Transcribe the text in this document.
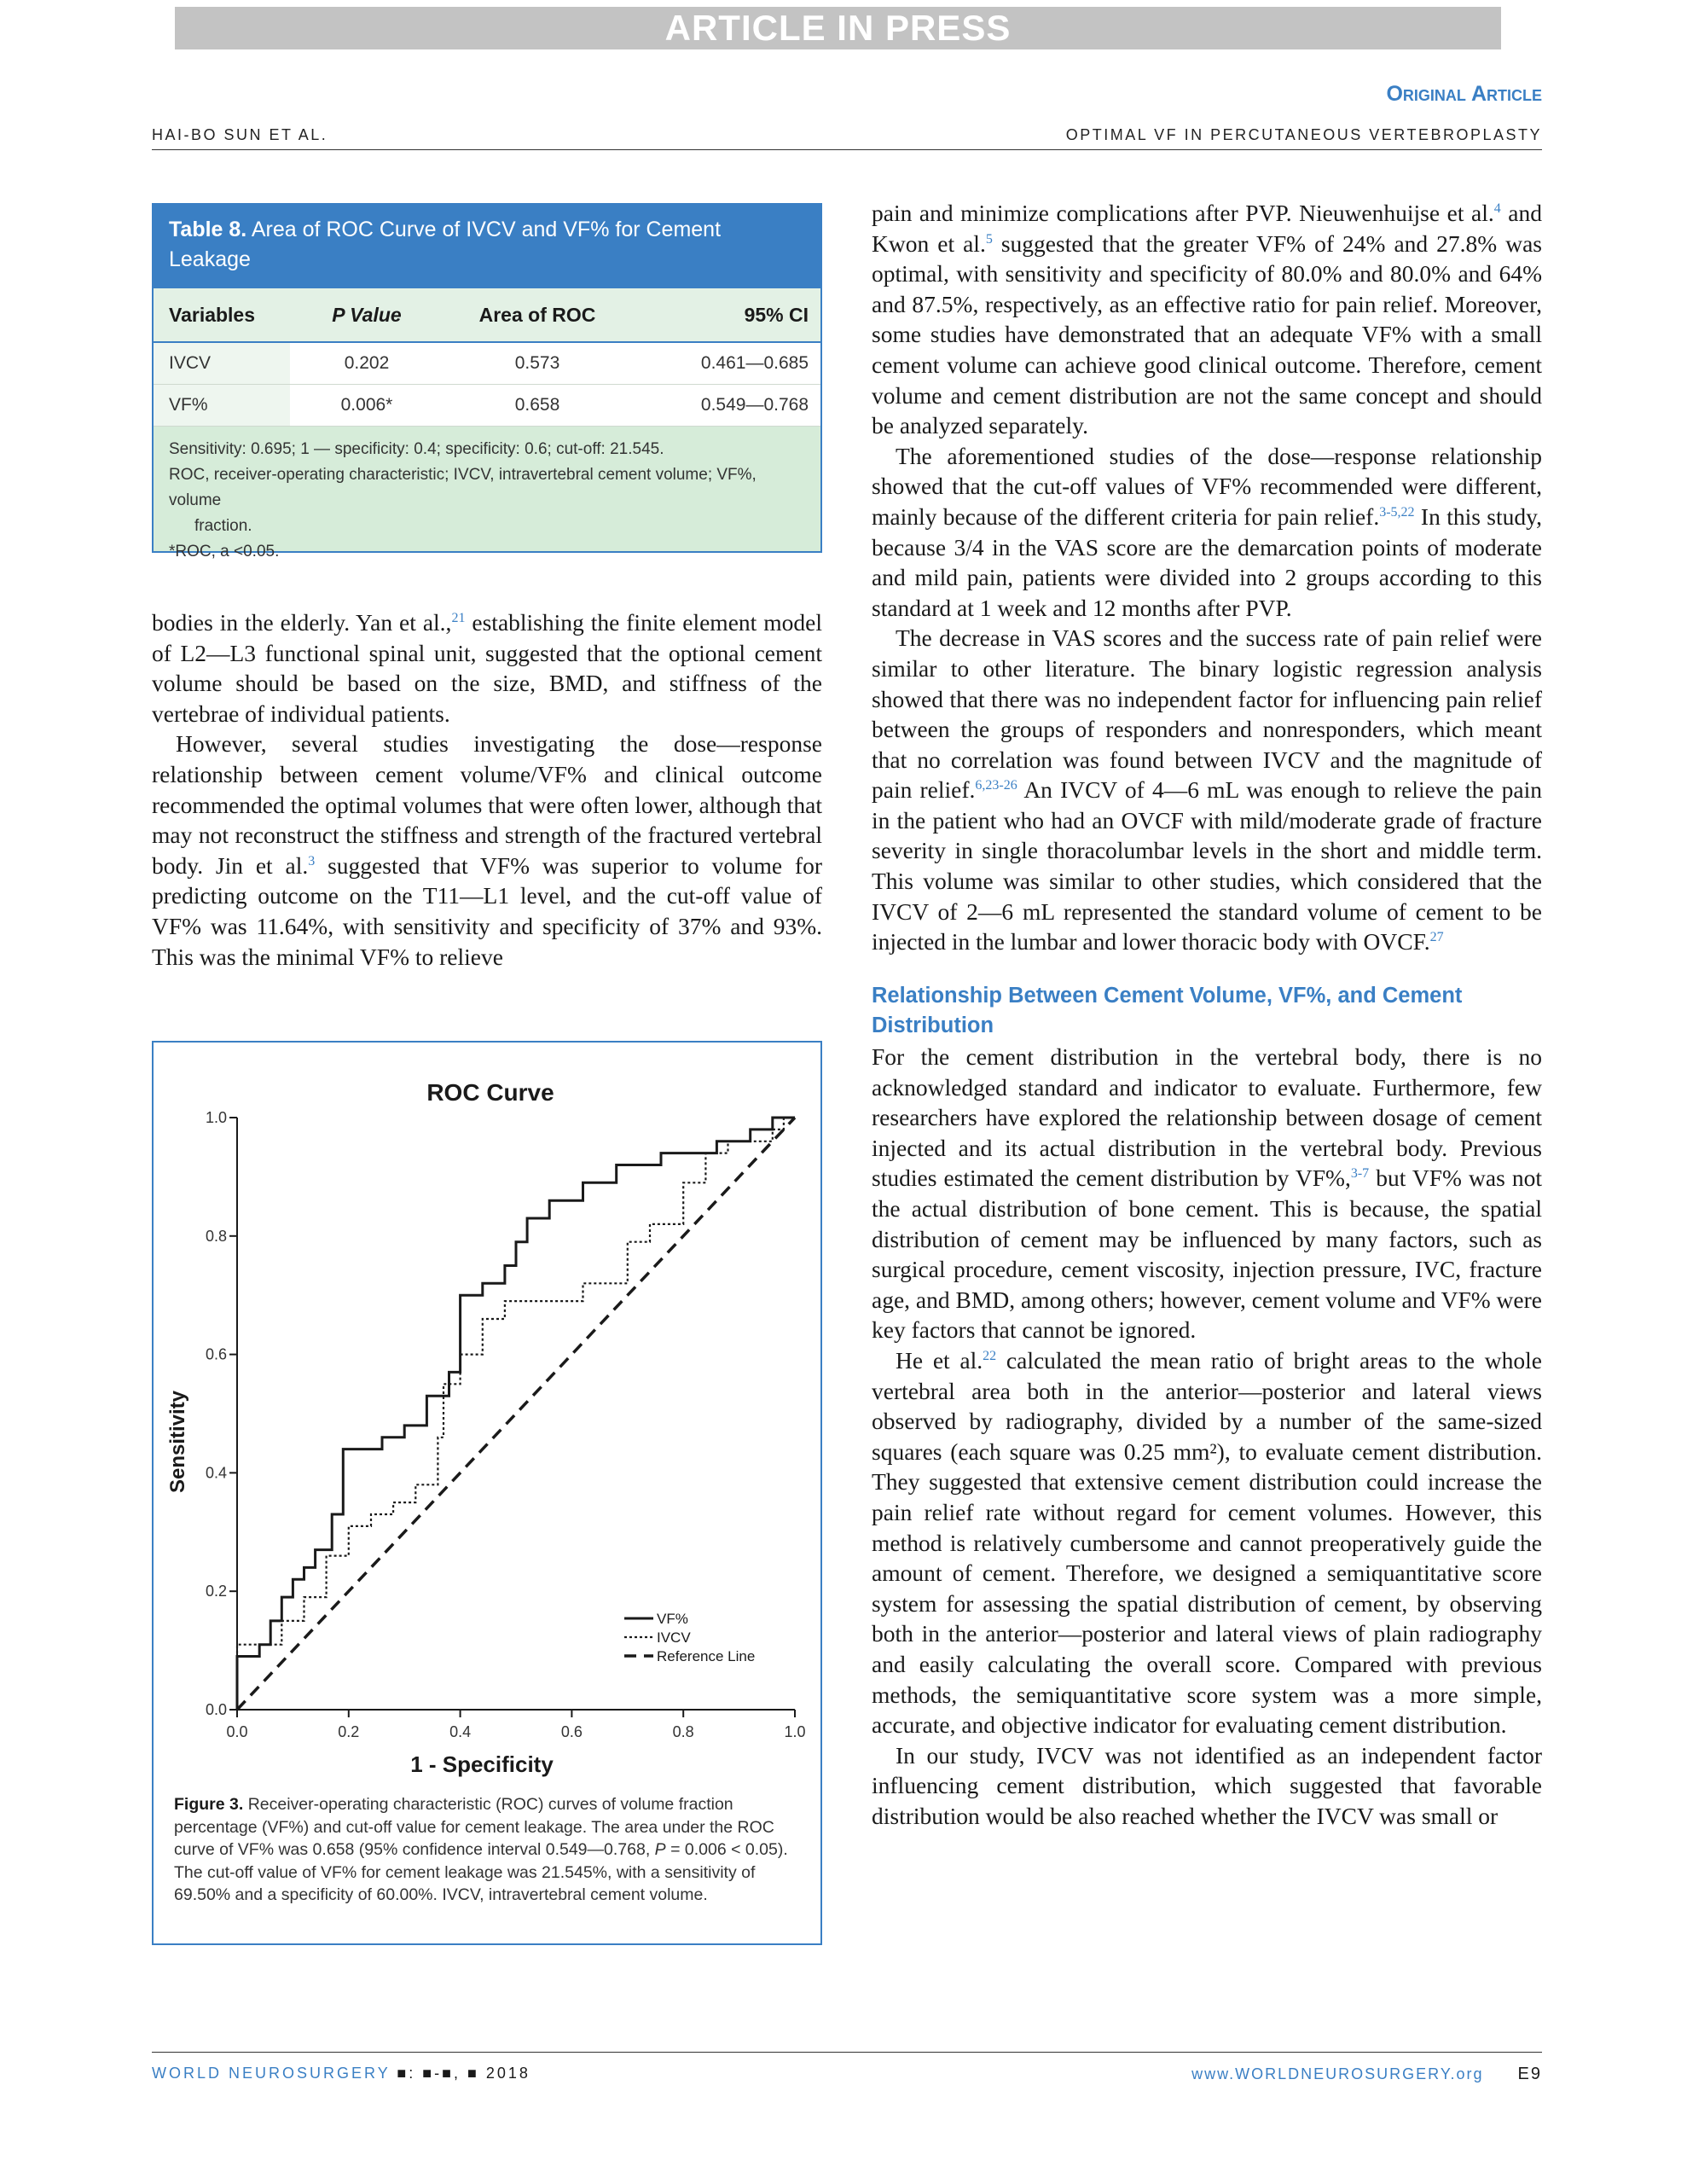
ARTICLE IN PRESS
Original Article
HAI-BO SUN ET AL.	OPTIMAL VF IN PERCUTANEOUS VERTEBROPLASTY
Table 8. Area of ROC Curve of IVCV and VF% for Cement Leakage
Variables	P Value	Area of ROC	95% CI
IVCV	0.202	0.573	0.461—0.685
VF%	0.006*	0.658	0.549—0.768
Sensitivity: 0.695; 1 — specificity: 0.4; specificity: 0.6; cut-off: 21.545.
ROC, receiver-operating characteristic; IVCV, intravertebral cement volume; VF%, volume
fraction.
*ROC, a <0.05.

bodies in the elderly. Yan et al.,$^{21}$ establishing the finite element model of L2—L3 functional spinal unit, suggested that the optional cement volume should be based on the size, BMD, and stiffness of the vertebrae of individual patients.

However, several studies investigating the dose—response relationship between cement volume/VF% and clinical outcome recommended the optimal volumes that were often lower, although that may not reconstruct the stiffness and strength of the fractured vertebral body. Jin et al.$^3$ suggested that VF% was superior to volume for predicting outcome on the T11—L1 level, and the cut-off value of VF% was 11.64%, with sensitivity and specificity of 37% and 93%. This was the minimal VF% to relieve

pain and minimize complications after PVP. Nieuwenhuijse et al.$^4$ and Kwon et al.$^5$ suggested that the greater VF% of 24% and 27.8% was optimal, with sensitivity and specificity of 80.0% and 80.0% and 64% and 87.5%, respectively, as an effective ratio for pain relief. Moreover, some studies have demonstrated that an adequate VF% with a small cement volume can achieve good clinical outcome. Therefore, cement volume and cement distribution are not the same concept and should be analyzed separately.

The aforementioned studies of the dose—response relationship showed that the cut-off values of VF% recommended were different, mainly because of the different criteria for pain relief.$^{3-5,22}$ In this study, because 3/4 in the VAS score are the demarcation points of moderate and mild pain, patients were divided into 2 groups according to this standard at 1 week and 12 months after PVP.

The decrease in VAS scores and the success rate of pain relief were similar to other literature. The binary logistic regression analysis showed that there was no independent factor for influencing pain relief between the groups of responders and nonresponders, which meant that no correlation was found between IVCV and the magnitude of pain relief.$^{6,23-26}$ An IVCV of 4—6 mL was enough to relieve the pain in the patient who had an OVCF with mild/moderate grade of fracture severity in single thoracolumbar levels in the short and middle term. This volume was similar to other studies, which considered that the IVCV of 2—6 mL represented the standard volume of cement to be injected in the lumbar and lower thoracic body with OVCF.$^{27}$

Relationship Between Cement Volume, VF%, and Cement Distribution

For the cement distribution in the vertebral body, there is no acknowledged standard and indicator to evaluate. Furthermore, few researchers have explored the relationship between dosage of cement injected and its actual distribution in the vertebral body. Previous studies estimated the cement distribution by VF%,$^{3-7}$ but VF% was not the actual distribution of bone cement. This is because, the spatial distribution of cement may be influenced by many factors, such as surgical procedure, cement viscosity, injection pressure, IVC, fracture age, and BMD, among others; however, cement volume and VF% were key factors that cannot be ignored.

He et al.$^{22}$ calculated the mean ratio of bright areas to the whole vertebral area both in the anterior—posterior and lateral views observed by radiography, divided by a number of the same-sized squares (each square was 0.25 mm²), to evaluate cement distribution. They suggested that extensive cement distribution could increase the pain relief rate without regard for cement volumes. However, this method is relatively cumbersome and cannot preoperatively guide the amount of cement. Therefore, we designed a semiquantitative score system for assessing the spatial distribution of cement, by observing both in the anterior—posterior and lateral views of plain radiography and easily calculating the overall score. Compared with previous methods, the semiquantitative score system was a more simple, accurate, and objective indicator for evaluating cement distribution.

In our study, IVCV was not identified as an independent factor influencing cement distribution, which suggested that favorable distribution would be also reached whether the IVCV was small or

ROC Curve
Sensitivity
1 - Specificity
0.0	0.2	0.4	0.6	0.8	1.0
0.0
0.2
0.4
0.6
0.8
1.0
VF%
IVCV
Reference Line
Figure 3. Receiver-operating characteristic (ROC) curves of volume fraction percentage (VF%) and cut-off value for cement leakage. The area under the ROC curve of VF% was 0.658 (95% confidence interval 0.549—0.768, P = 0.006 < 0.05). The cut-off value of VF% for cement leakage was 21.545%, with a sensitivity of 69.50% and a specificity of 60.00%. IVCV, intravertebral cement volume.
WORLD NEUROSURGERY ■: ■-■, ■ 2018	www.WORLDNEUROSURGERY.org E9
